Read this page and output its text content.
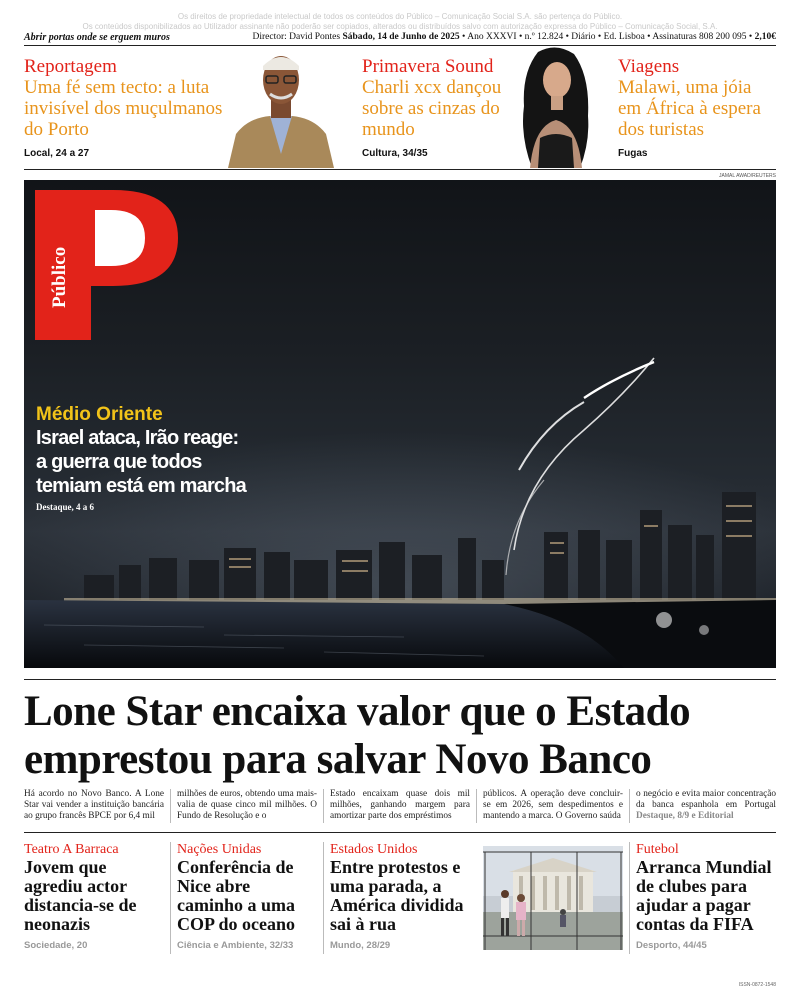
Os direitos de propriedade intelectual de todos os conteúdos do Público – Comunicação Social S.A. são pertença do Público.
Os conteúdos disponibilizados ao Utilizador assinante não poderão ser copiados, alterados ou distribuídos salvo com autorização expressa do Público – Comunicação Social, S.A.
Abrir portas onde se erguem muros	Director: David Pontes Sábado, 14 de Junho de 2025 • Ano XXXVI • n.º 12.824 • Diário • Ed. Lisboa • Assinaturas 808 200 095 • 2,10€
Reportagem
Uma fé sem tecto: a luta invisível dos muçulmanos do Porto
Local, 24 a 27
Primavera Sound
Charli xcx dançou sobre as cinzas do mundo
Cultura, 34/35
Viagens
Malawi, uma jóia em África à espera dos turistas
Fugas
JAMAL AWAD/REUTERS
Público
Médio Oriente
Israel ataca, Irão reage:
a guerra que todos
temiam está em marcha
Destaque, 4 a 6
Lone Star encaixa valor que o Estado
emprestou para salvar Novo Banco
Há acordo no Novo Banco. A Lone Star vai vender a instituição bancária ao grupo francês BPCE por 6,4 mil
milhões de euros, obtendo uma mais-valia de quase cinco mil milhões. O Fundo de Resolução e o
Estado encaixam quase dois mil milhões, ganhando margem para amortizar parte dos empréstimos
públicos. A operação deve concluir-se em 2026, sem despedimentos e mantendo a marca. O Governo saúda
o negócio e evita maior concentração da banca espanhola em Portugal Destaque, 8/9 e Editorial
Teatro A Barraca
Jovem que agrediu actor distancia-se de neonazis
Sociedade, 20
Nações Unidas
Conferência de Nice abre caminho a uma COP do oceano
Ciência e Ambiente, 32/33
Estados Unidos
Entre protestos e uma parada, a América dividida sai à rua
Mundo, 28/29
Futebol
Arranca Mundial de clubes para ajudar a pagar contas da FIFA
Desporto, 44/45
ISSN-0872-1548
